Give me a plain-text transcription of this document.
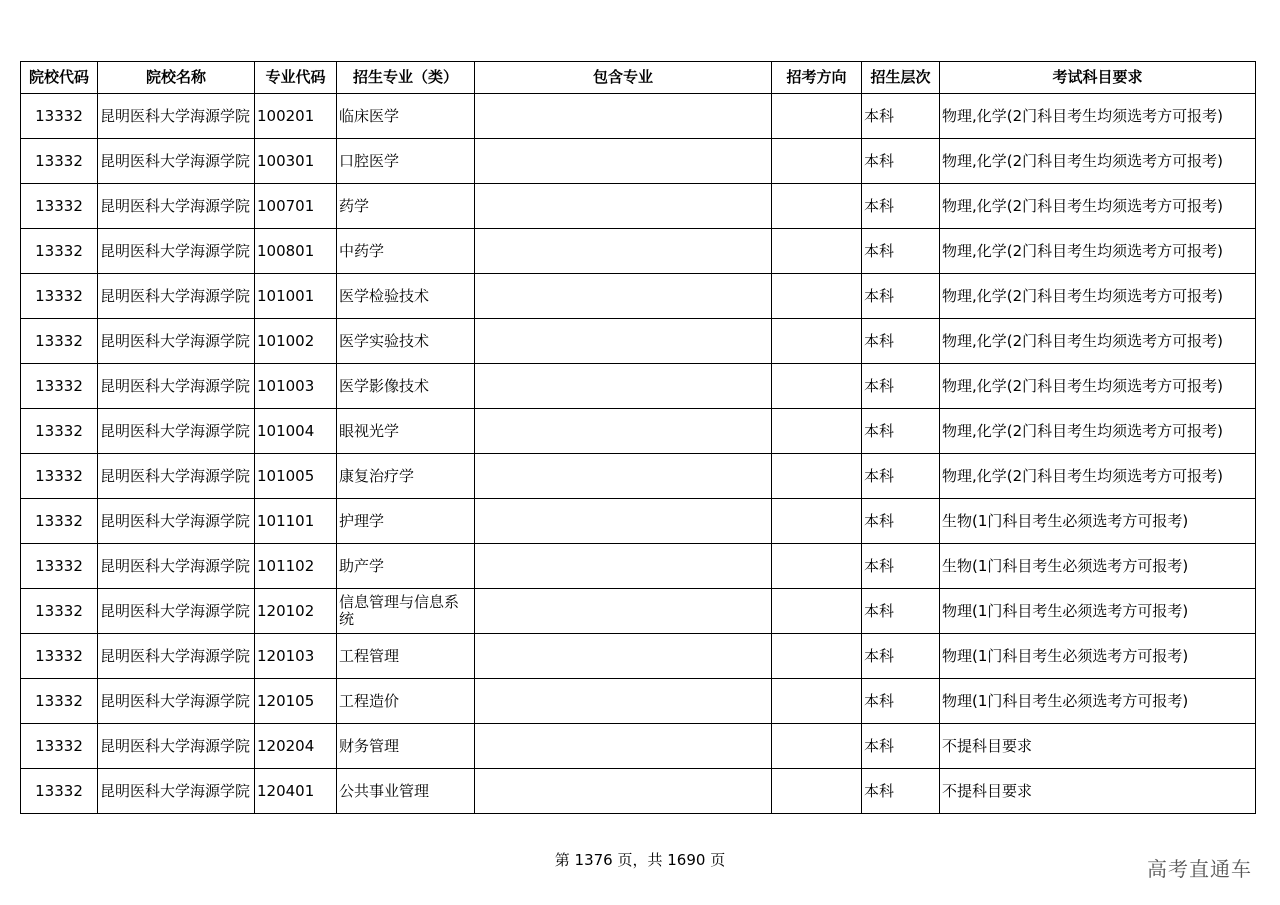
院校代码	院校名称	专业代码	招生专业（类）	包含专业	招考方向	招生层次	考试科目要求
13332	昆明医科大学海源学院	100201	临床医学			本科	物理,化学(2门科目考生均须选考方可报考)
13332	昆明医科大学海源学院	100301	口腔医学			本科	物理,化学(2门科目考生均须选考方可报考)
13332	昆明医科大学海源学院	100701	药学			本科	物理,化学(2门科目考生均须选考方可报考)
13332	昆明医科大学海源学院	100801	中药学			本科	物理,化学(2门科目考生均须选考方可报考)
13332	昆明医科大学海源学院	101001	医学检验技术			本科	物理,化学(2门科目考生均须选考方可报考)
13332	昆明医科大学海源学院	101002	医学实验技术			本科	物理,化学(2门科目考生均须选考方可报考)
13332	昆明医科大学海源学院	101003	医学影像技术			本科	物理,化学(2门科目考生均须选考方可报考)
13332	昆明医科大学海源学院	101004	眼视光学			本科	物理,化学(2门科目考生均须选考方可报考)
13332	昆明医科大学海源学院	101005	康复治疗学			本科	物理,化学(2门科目考生均须选考方可报考)
13332	昆明医科大学海源学院	101101	护理学			本科	生物(1门科目考生必须选考方可报考)
13332	昆明医科大学海源学院	101102	助产学			本科	生物(1门科目考生必须选考方可报考)
13332	昆明医科大学海源学院	120102	信息管理与信息系统			本科	物理(1门科目考生必须选考方可报考)
13332	昆明医科大学海源学院	120103	工程管理			本科	物理(1门科目考生必须选考方可报考)
13332	昆明医科大学海源学院	120105	工程造价			本科	物理(1门科目考生必须选考方可报考)
13332	昆明医科大学海源学院	120204	财务管理			本科	不提科目要求
13332	昆明医科大学海源学院	120401	公共事业管理			本科	不提科目要求
第 1376 页，共 1690 页	高考直通车
